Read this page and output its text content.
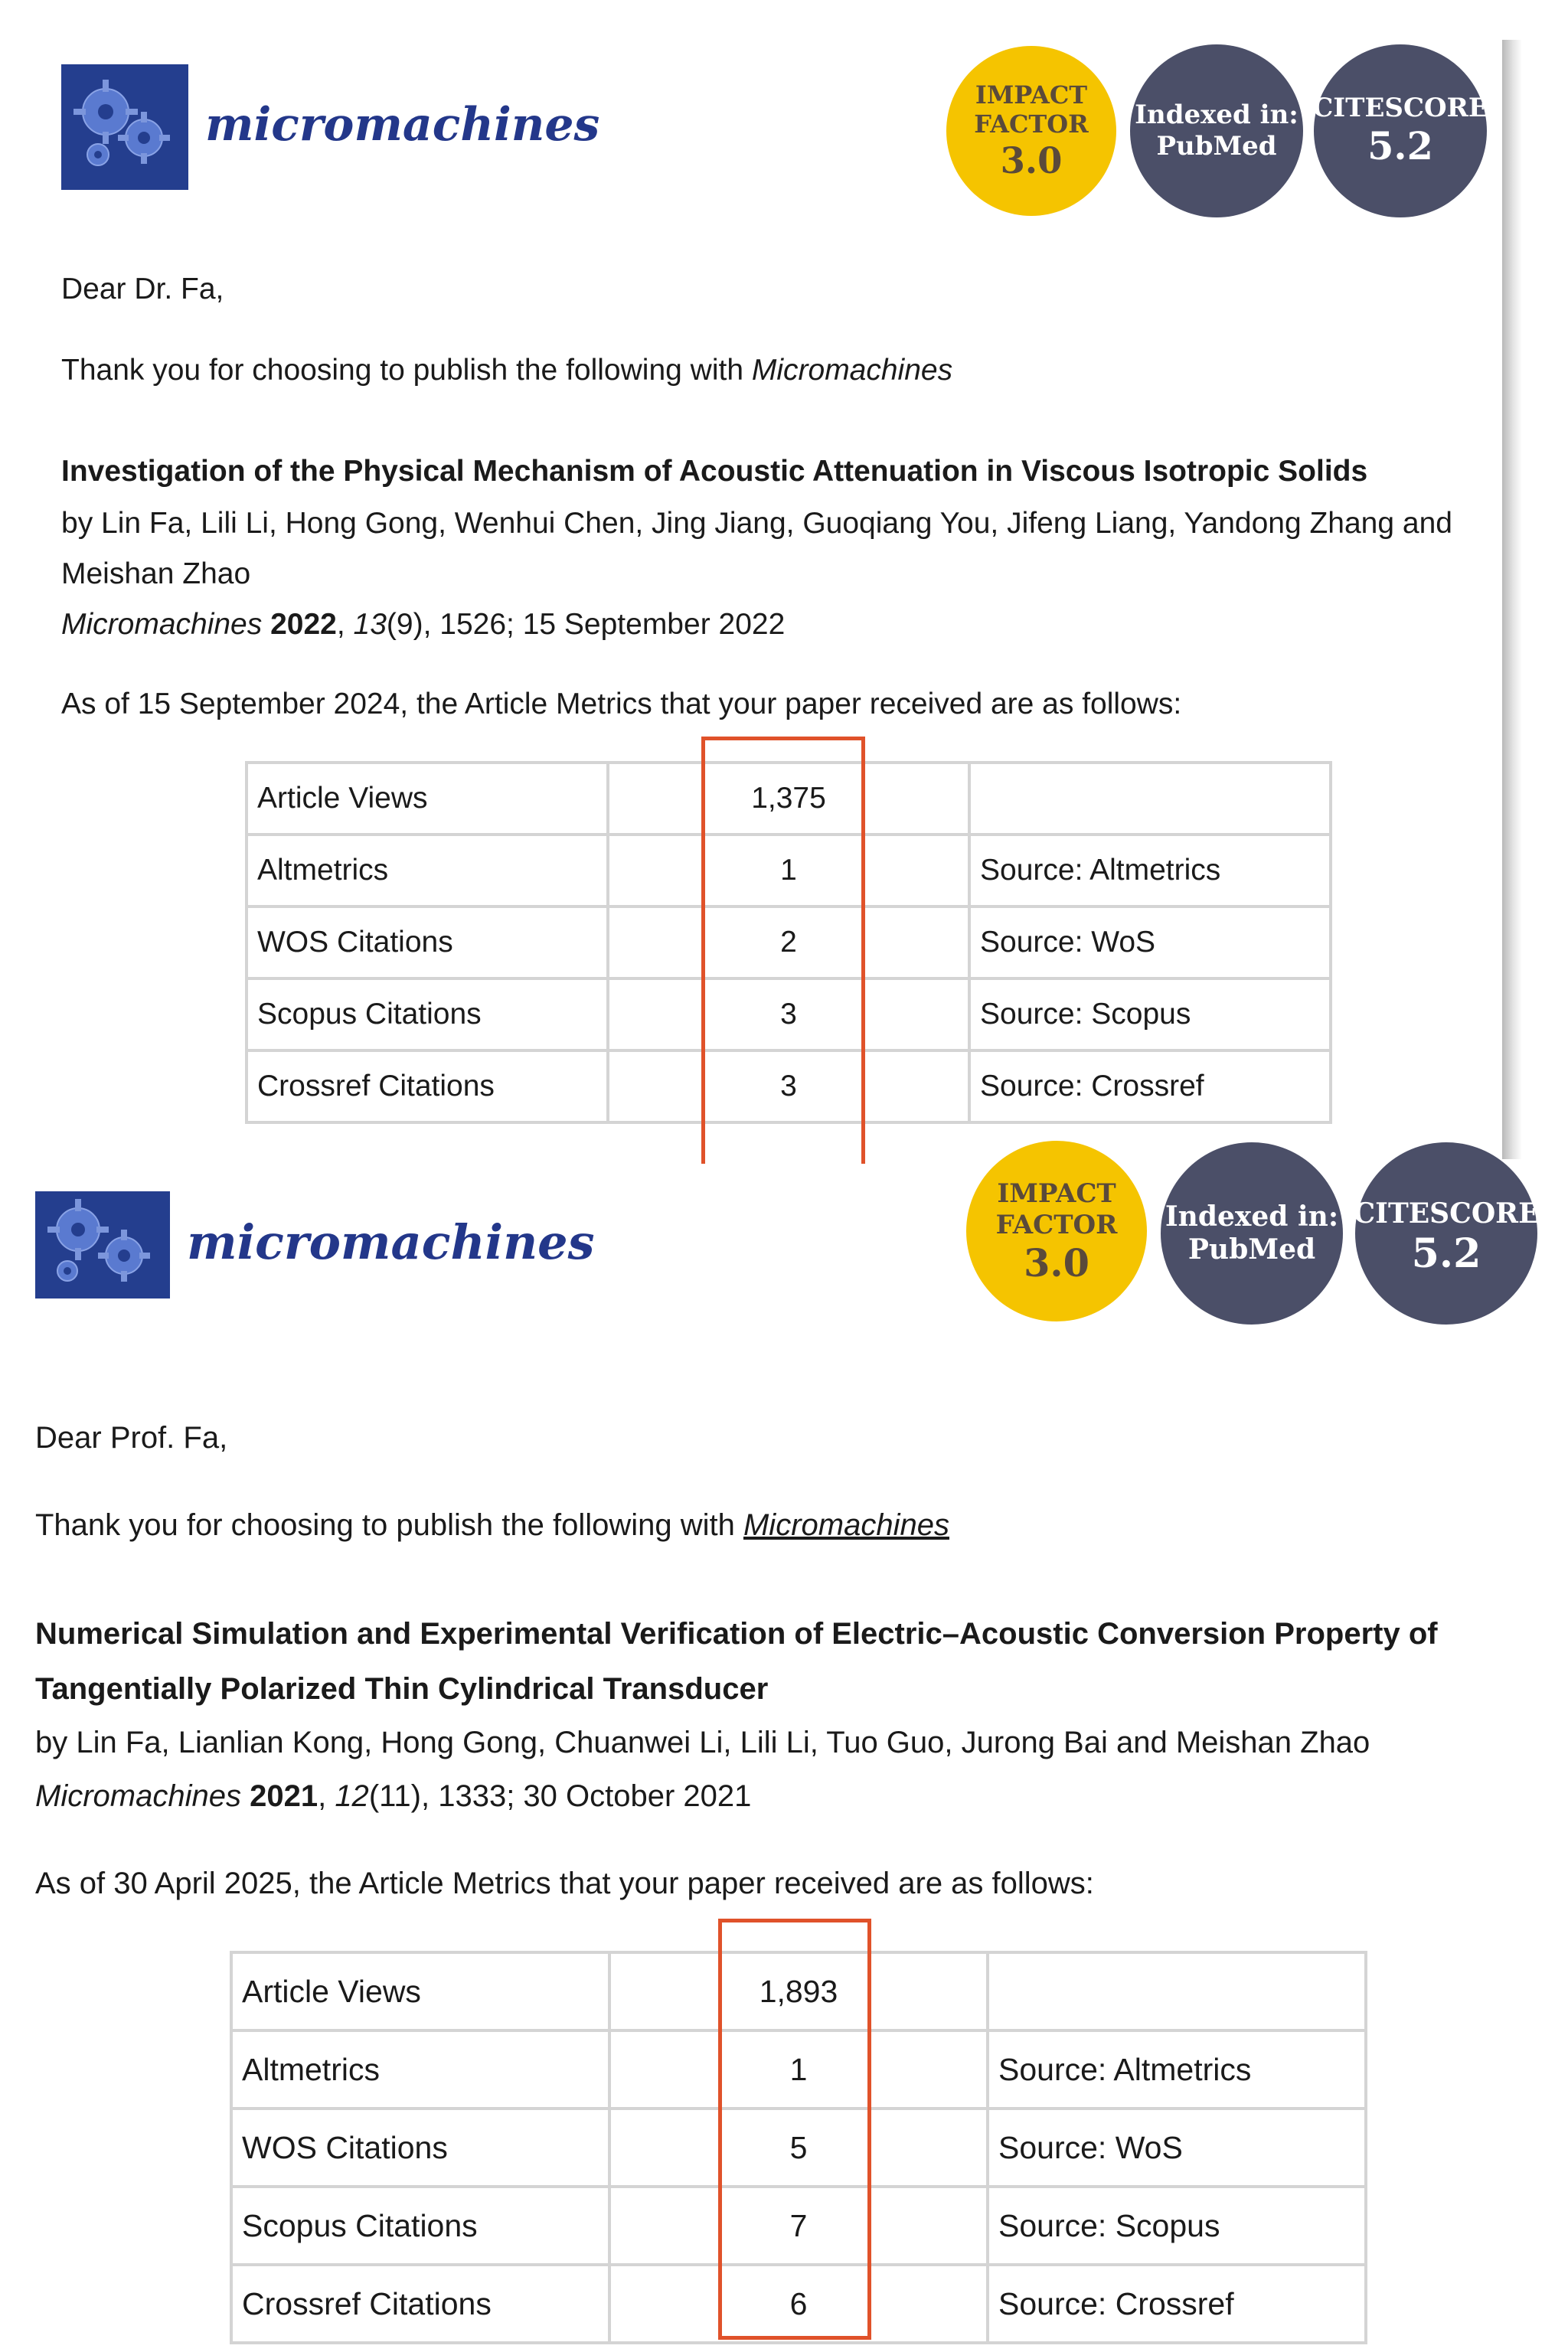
micromachines
IMPACT
FACTOR
3.0
Indexed in:
PubMed
CITESCORE
5.2
Dear Dr. Fa,
Thank you for choosing to publish the following with Micromachines
Investigation of the Physical Mechanism of Acoustic Attenuation in Viscous Isotropic Solids
by Lin Fa, Lili Li, Hong Gong, Wenhui Chen, Jing Jiang, Guoqiang You, Jifeng Liang, Yandong Zhang and
Meishan Zhao
Micromachines 2022, 13(9), 1526; 15 September 2022
As of 15 September 2024, the Article Metrics that your paper received are as follows:
Article Views	1,375	
Altmetrics	1	Source: Altmetrics
WOS Citations	2	Source: WoS
Scopus Citations	3	Source: Scopus
Crossref Citations	3	Source: Crossref
micromachines
IMPACT
FACTOR
3.0
Indexed in:
PubMed
CITESCORE
5.2
Dear Prof. Fa,
Thank you for choosing to publish the following with Micromachines
Numerical Simulation and Experimental Verification of Electric–Acoustic Conversion Property of
Tangentially Polarized Thin Cylindrical Transducer
by Lin Fa, Lianlian Kong, Hong Gong, Chuanwei Li, Lili Li, Tuo Guo, Jurong Bai and Meishan Zhao
Micromachines 2021, 12(11), 1333; 30 October 2021
As of 30 April 2025, the Article Metrics that your paper received are as follows:
Article Views	1,893	
Altmetrics	1	Source: Altmetrics
WOS Citations	5	Source: WoS
Scopus Citations	7	Source: Scopus
Crossref Citations	6	Source: Crossref
